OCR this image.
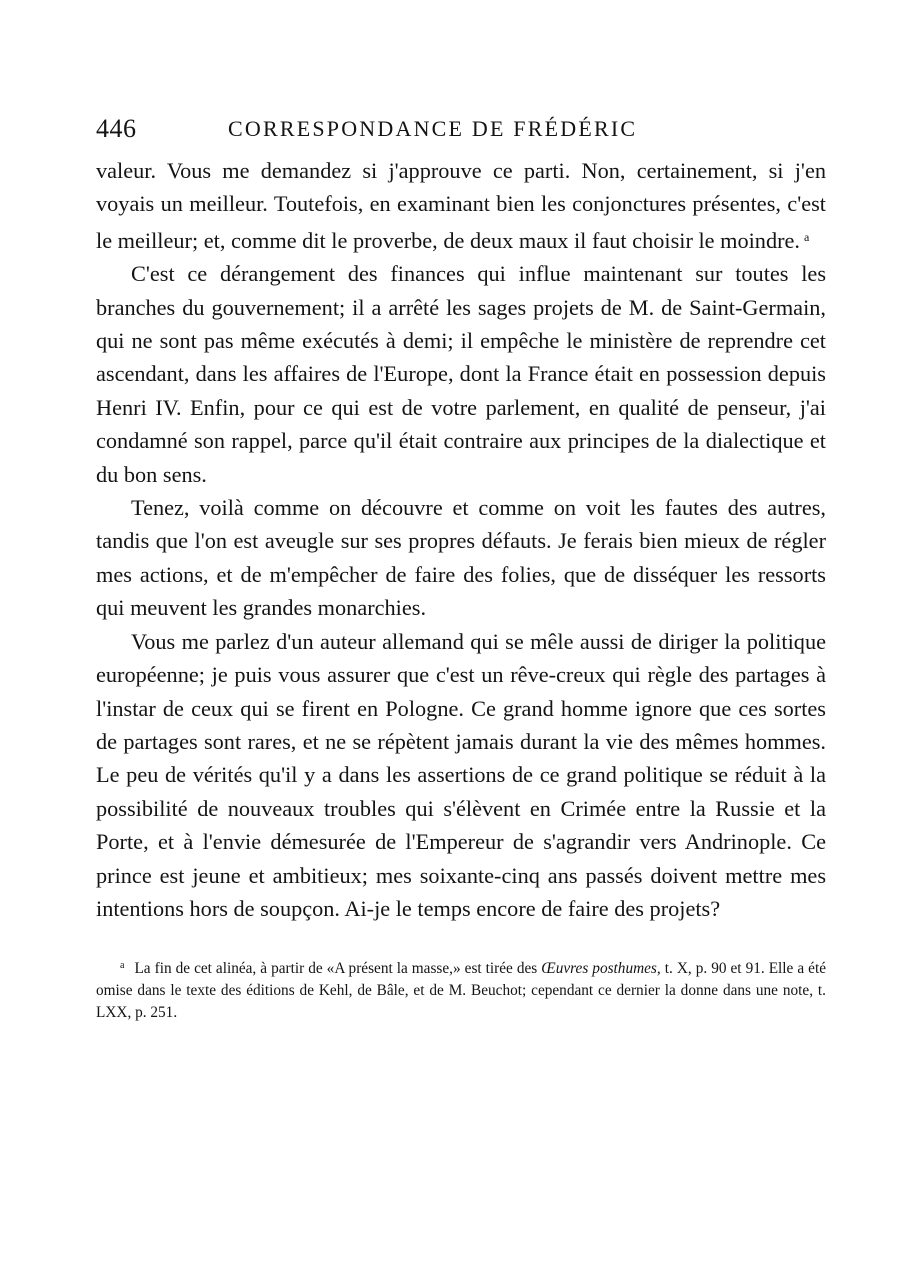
446	CORRESPONDANCE DE FRÉDÉRIC

valeur. Vous me demandez si j'approuve ce parti. Non, certainement, si j'en voyais un meilleur. Toutefois, en examinant bien les conjonctures présentes, c'est le meilleur; et, comme dit le proverbe, de deux maux il faut choisir le moindre. $^a$

C'est ce dérangement des finances qui influe maintenant sur toutes les branches du gouvernement; il a arrêté les sages projets de M. de Saint-Germain, qui ne sont pas même exécutés à demi; il empêche le ministère de reprendre cet ascendant, dans les affaires de l'Europe, dont la France était en possession depuis Henri IV. Enfin, pour ce qui est de votre parlement, en qualité de penseur, j'ai condamné son rappel, parce qu'il était contraire aux principes de la dialectique et du bon sens.

Tenez, voilà comme on découvre et comme on voit les fautes des autres, tandis que l'on est aveugle sur ses propres défauts. Je ferais bien mieux de régler mes actions, et de m'empêcher de faire des folies, que de disséquer les ressorts qui meuvent les grandes monarchies.

Vous me parlez d'un auteur allemand qui se mêle aussi de diriger la politique européenne; je puis vous assurer que c'est un rêve-creux qui règle des partages à l'instar de ceux qui se firent en Pologne. Ce grand homme ignore que ces sortes de partages sont rares, et ne se répètent jamais durant la vie des mêmes hommes. Le peu de vérités qu'il y a dans les assertions de ce grand politique se réduit à la possibilité de nouveaux troubles qui s'élèvent en Crimée entre la Russie et la Porte, et à l'envie démesurée de l'Empereur de s'agrandir vers Andrinople. Ce prince est jeune et ambitieux; mes soixante-cinq ans passés doivent mettre mes intentions hors de soupçon. Ai-je le temps encore de faire des projets?

$^a$ La fin de cet alinéa, à partir de «A présent la masse,» est tirée des Œuvres posthumes, t. X, p. 90 et 91. Elle a été omise dans le texte des éditions de Kehl, de Bâle, et de M. Beuchot; cependant ce dernier la donne dans une note, t. LXX, p. 251.
